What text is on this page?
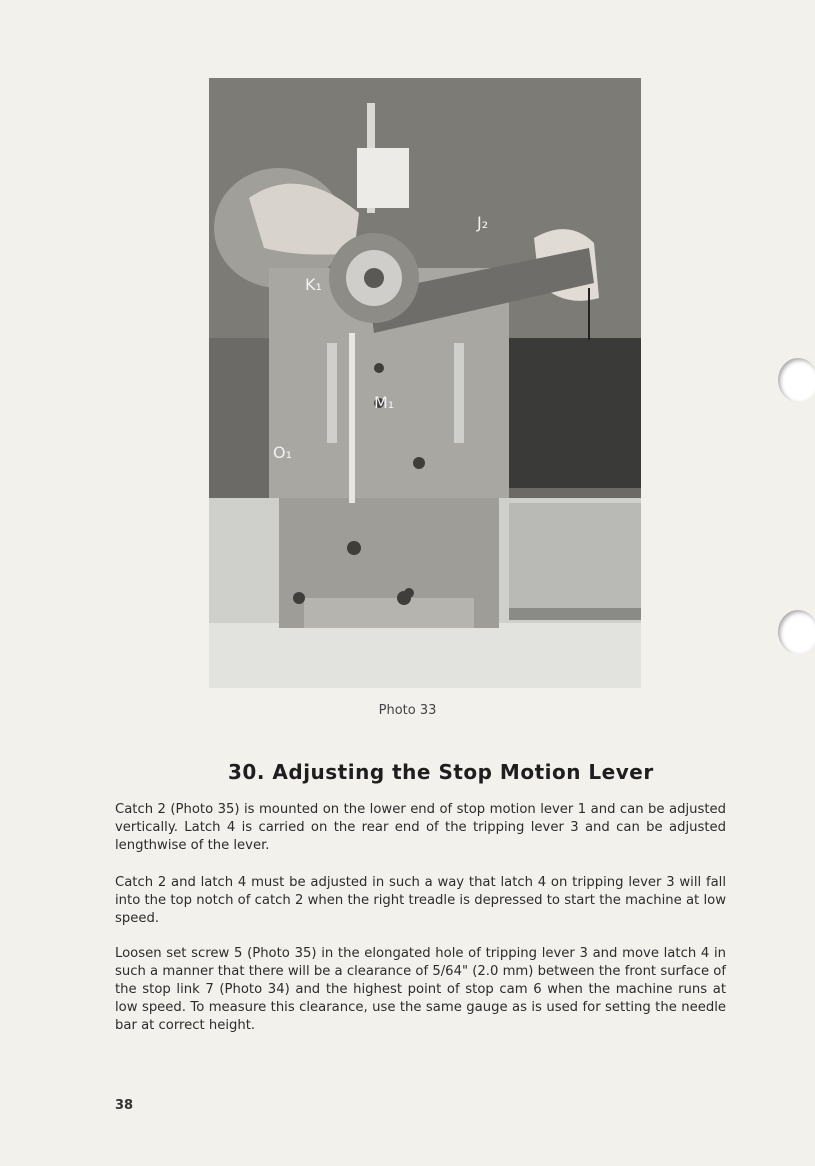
J₂
K₁
M₁
O₁
Photo 33
30. Adjusting the Stop Motion Lever

Catch 2 (Photo 35) is mounted on the lower end of stop motion lever 1 and can be adjusted vertically. Latch 4 is carried on the rear end of the tripping lever 3 and can be adjusted lengthwise of the lever.

Catch 2 and latch 4 must be adjusted in such a way that latch 4 on tripping lever 3 will fall into the top notch of catch 2 when the right treadle is depressed to start the machine at low speed.

Loosen set screw 5 (Photo 35) in the elongated hole of tripping lever 3 and move latch 4 in such a manner that there will be a clearance of 5/64" (2.0 mm) between the front surface of the stop link 7 (Photo 34) and the highest point of stop cam 6 when the machine runs at low speed. To measure this clearance, use the same gauge as is used for setting the needle bar at correct height.

38
